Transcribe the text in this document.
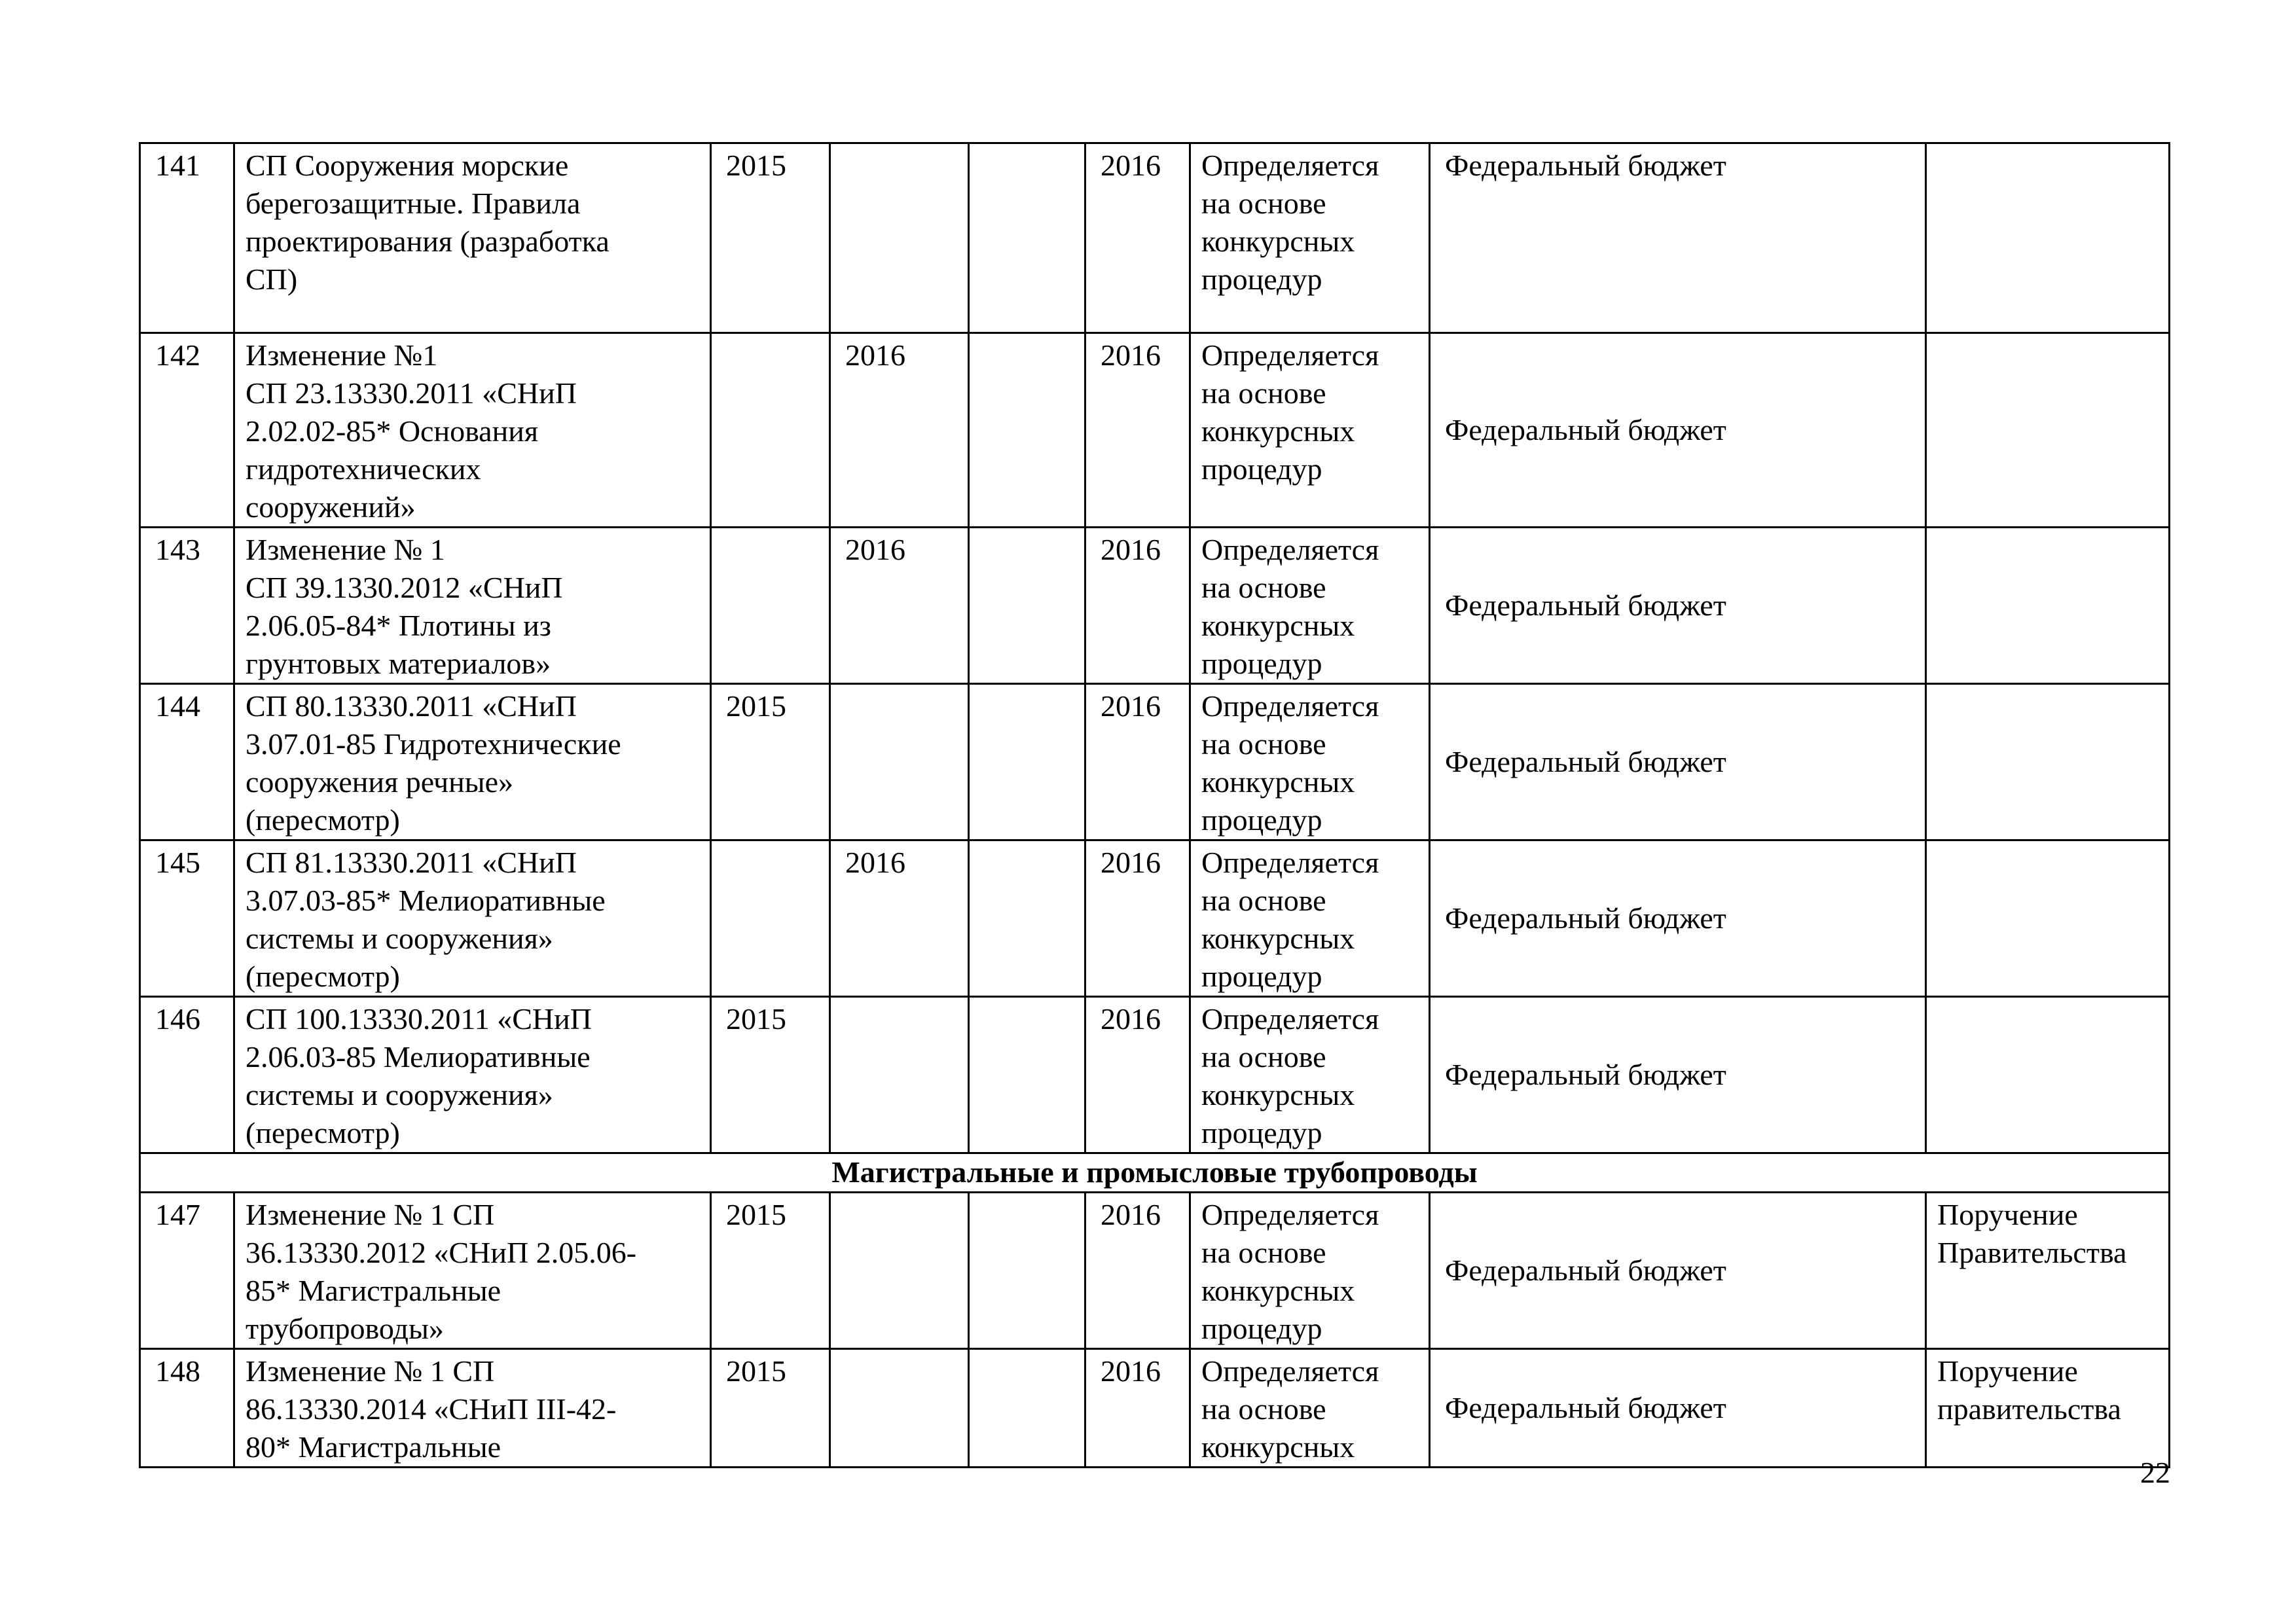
141	СП Сооружения морские
берегозащитные. Правила
проектирования (разработка
СП)	2015			2016	Определяется
на основе
конкурсных
процедур	Федеральный бюджет	
142	Изменение №1
СП 23.13330.2011 «СНиП
2.02.02-85* Основания
гидротехнических
сооружений»		2016		2016	Определяется
на основе
конкурсных
процедур	Федеральный бюджет	
143	Изменение № 1
СП 39.1330.2012 «СНиП
2.06.05-84* Плотины из
грунтовых материалов»		2016		2016	Определяется
на основе
конкурсных
процедур	Федеральный бюджет	
144	СП 80.13330.2011 «СНиП
3.07.01-85 Гидротехнические
сооружения речные»
(пересмотр)	2015			2016	Определяется
на основе
конкурсных
процедур	Федеральный бюджет	
145	СП 81.13330.2011 «СНиП
3.07.03-85* Мелиоративные
системы и сооружения»
(пересмотр)		2016		2016	Определяется
на основе
конкурсных
процедур	Федеральный бюджет	
146	СП 100.13330.2011 «СНиП
2.06.03-85 Мелиоративные
системы и сооружения»
(пересмотр)	2015			2016	Определяется
на основе
конкурсных
процедур	Федеральный бюджет	
Магистральные и промысловые трубопроводы								
147	Изменение № 1 СП
36.13330.2012 «СНиП 2.05.06-
85* Магистральные
трубопроводы»	2015			2016	Определяется
на основе
конкурсных
процедур	Федеральный бюджет	Поручение
Правительства
148	Изменение № 1 СП
86.13330.2014 «СНиП III-42-
80* Магистральные	2015			2016	Определяется
на основе
конкурсных	Федеральный бюджет	Поручение
правительства
22
